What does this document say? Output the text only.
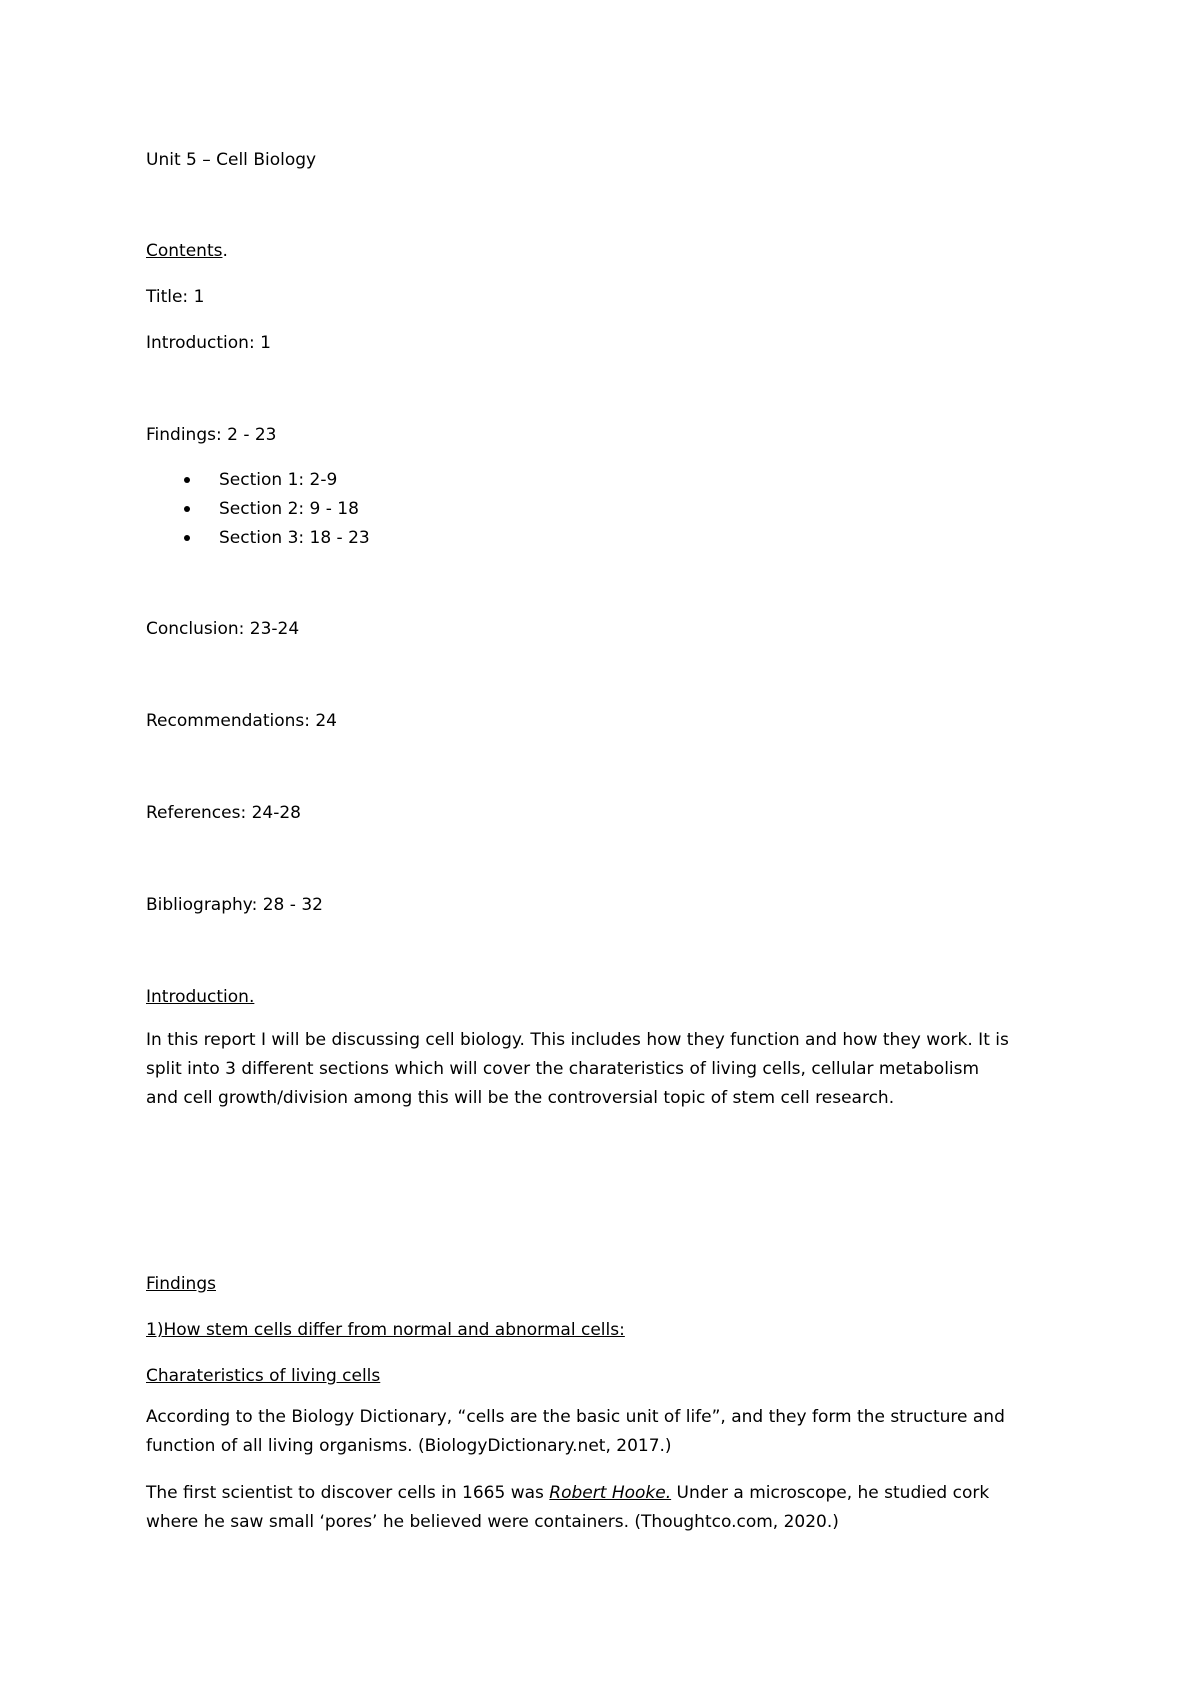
Unit 5 – Cell Biology

Contents.

Title: 1

Introduction: 1

Findings: 2 - 23

Section 1: 2-9
Section 2: 9 - 18
Section 3: 18 - 23

Conclusion: 23-24

Recommendations: 24

References: 24-28

Bibliography: 28 - 32

Introduction.

In this report I will be discussing cell biology. This includes how they function and how they work. It is
split into 3 different sections which will cover the charateristics of living cells, cellular metabolism
and cell growth/division among this will be the controversial topic of stem cell research.

Findings

1)How stem cells differ from normal and abnormal cells:

Charateristics of living cells

According to the Biology Dictionary, “cells are the basic unit of life”, and they form the structure and
function of all living organisms. (BiologyDictionary.net, 2017.)
The first scientist to discover cells in 1665 was Robert Hooke. Under a microscope, he studied cork
where he saw small ‘pores’ he believed were containers. (Thoughtco.com, 2020.)
